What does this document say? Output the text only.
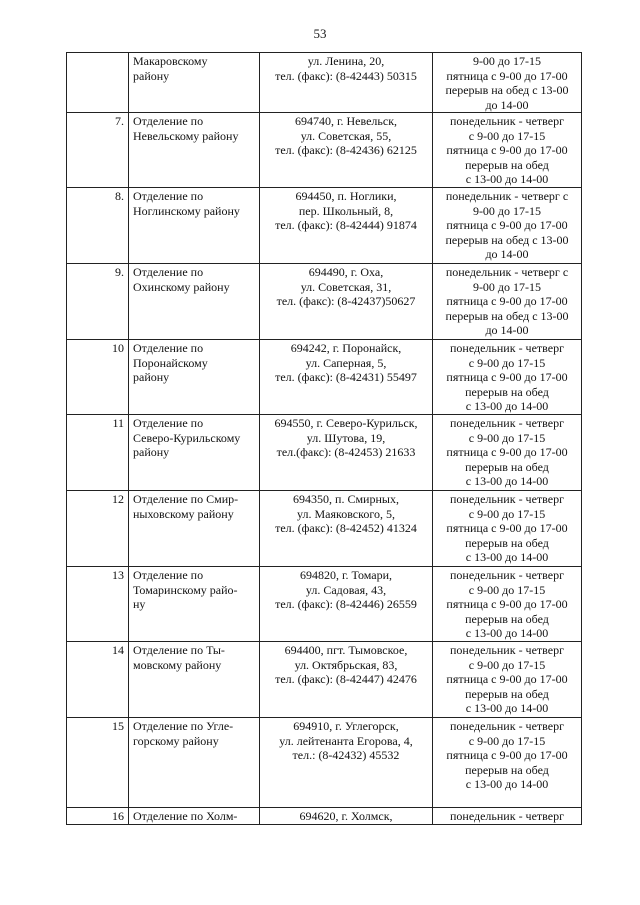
53

	Макаровскому
району	ул. Ленина, 20,
тел. (факс): (8-42443) 50315	9-00 до 17-15
пятница с 9-00 до 17-00
перерыв на обед с 13-00
до 14-00

7.	Отделение по
Невельскому району	694740, г. Невельск,
ул. Советская, 55,
тел. (факс): (8-42436) 62125	понедельник - четверг
с 9-00 до 17-15
пятница с 9-00 до 17-00
перерыв на обед
с 13-00 до 14-00

8.	Отделение по
Ноглинскому району	694450, п. Ноглики,
пер. Школьный, 8,
тел. (факс): (8-42444) 91874	понедельник - четверг с
9-00 до 17-15
пятница с 9-00 до 17-00
перерыв на обед с 13-00
до 14-00

9.	Отделение по
Охинскому району	694490, г. Оха,
ул. Советская, 31,
тел. (факс): (8-42437)50627	понедельник - четверг с
9-00 до 17-15
пятница с 9-00 до 17-00
перерыв на обед с 13-00
до 14-00

10	Отделение по
Поронайскому
району	694242, г. Поронайск,
ул. Саперная, 5,
тел. (факс): (8-42431) 55497	понедельник - четверг
с 9-00 до 17-15
пятница с 9-00 до 17-00
перерыв на обед
с 13-00 до 14-00

11	Отделение по
Северо-Курильскому
району	694550, г. Северо-Курильск,
ул. Шутова, 19,
тел.(факс): (8-42453) 21633	понедельник - четверг
с 9-00 до 17-15
пятница с 9-00 до 17-00
перерыв на обед
с 13-00 до 14-00

12	Отделение по Смир-
ныховскому району	694350, п. Смирных,
ул. Маяковского, 5,
тел. (факс): (8-42452) 41324	понедельник - четверг
с 9-00 до 17-15
пятница с 9-00 до 17-00
перерыв на обед
с 13-00 до 14-00

13	Отделение по
Томаринскому райо-
ну	694820, г. Томари,
ул. Садовая, 43,
тел. (факс): (8-42446) 26559	понедельник - четверг
с 9-00 до 17-15
пятница с 9-00 до 17-00
перерыв на обед
с 13-00 до 14-00

14	Отделение по Ты-
мовскому району	694400, пгт. Тымовское,
ул. Октябрьская, 83,
тел. (факс): (8-42447) 42476	понедельник - четверг
с 9-00 до 17-15
пятница с 9-00 до 17-00
перерыв на обед
с 13-00 до 14-00

15	Отделение по Угле-
горскому району	694910, г. Углегорск,
ул. лейтенанта Егорова, 4,
тел.: (8-42432) 45532	понедельник - четверг
с 9-00 до 17-15
пятница с 9-00 до 17-00
перерыв на обед
с 13-00 до 14-00

16	Отделение по Холм-	694620, г. Холмск,	понедельник - четверг
